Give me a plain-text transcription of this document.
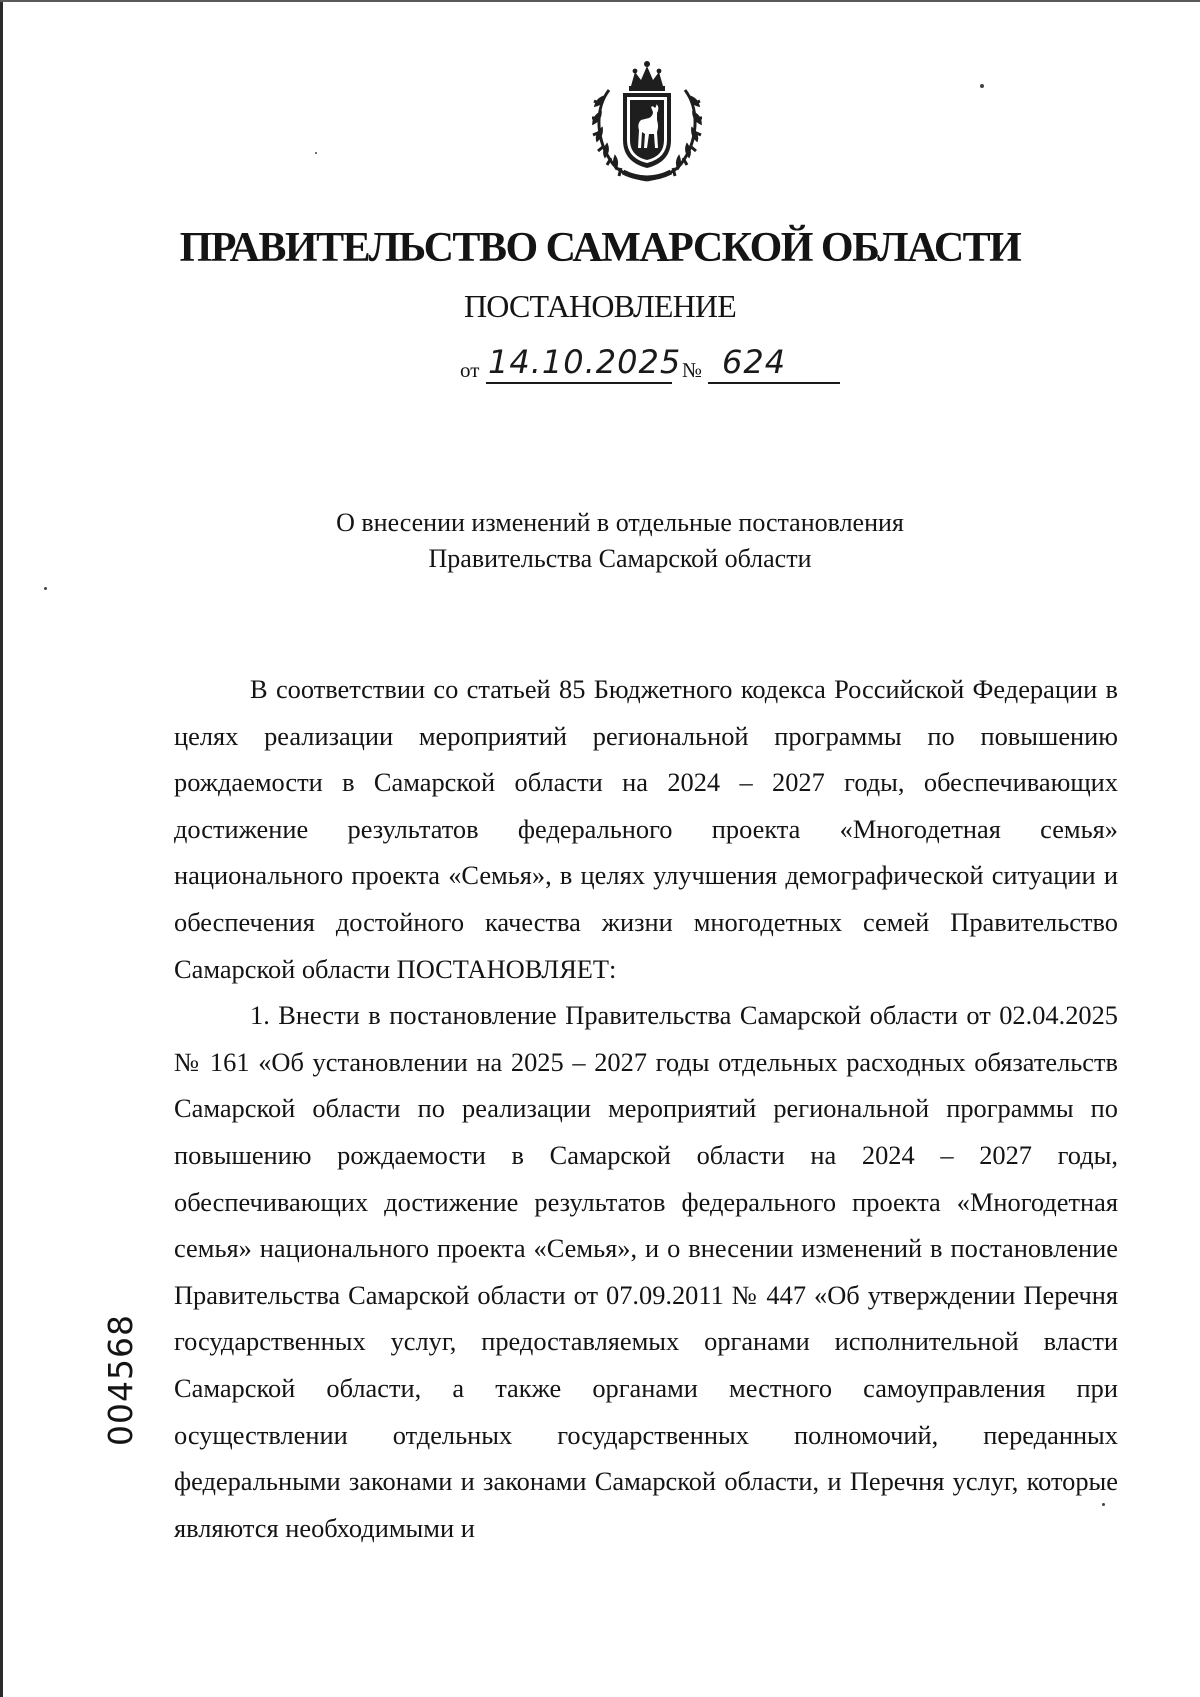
ПРАВИТЕЛЬСТВО САМАРСКОЙ ОБЛАСТИ
ПОСТАНОВЛЕНИЕ
от 14.10.2025 № 624
О внесении изменений в отдельные постановления
Правительства Самарской области

В соответствии со статьей 85 Бюджетного кодекса Российской Федерации в целях реализации мероприятий региональной программы по повышению рождаемости в Самарской области на 2024 – 2027 годы, обеспечивающих достижение результатов федерального проекта «Многодетная семья» национального проекта «Семья», в целях улучшения демографической ситуации и обеспечения достойного качества жизни многодетных семей Правительство Самарской области ПОСТАНОВЛЯЕТ:

1. Внести в постановление Правительства Самарской области от 02.04.2025 № 161 «Об установлении на 2025 – 2027 годы отдельных расходных обязательств Самарской области по реализации мероприятий региональной программы по повышению рождаемости в Самарской области на 2024 – 2027 годы, обеспечивающих достижение результатов федерального проекта «Многодетная семья» национального проекта «Семья», и о внесении изменений в постановление Правительства Самарской области от 07.09.2011 № 447 «Об утверждении Перечня государственных услуг, предоставляемых органами исполнительной власти Самарской области, а также органами местного самоуправления при осуществлении отдельных государственных полномочий, переданных федеральными законами и законами Самарской области, и Перечня услуг, которые являются необходимыми и

004568
